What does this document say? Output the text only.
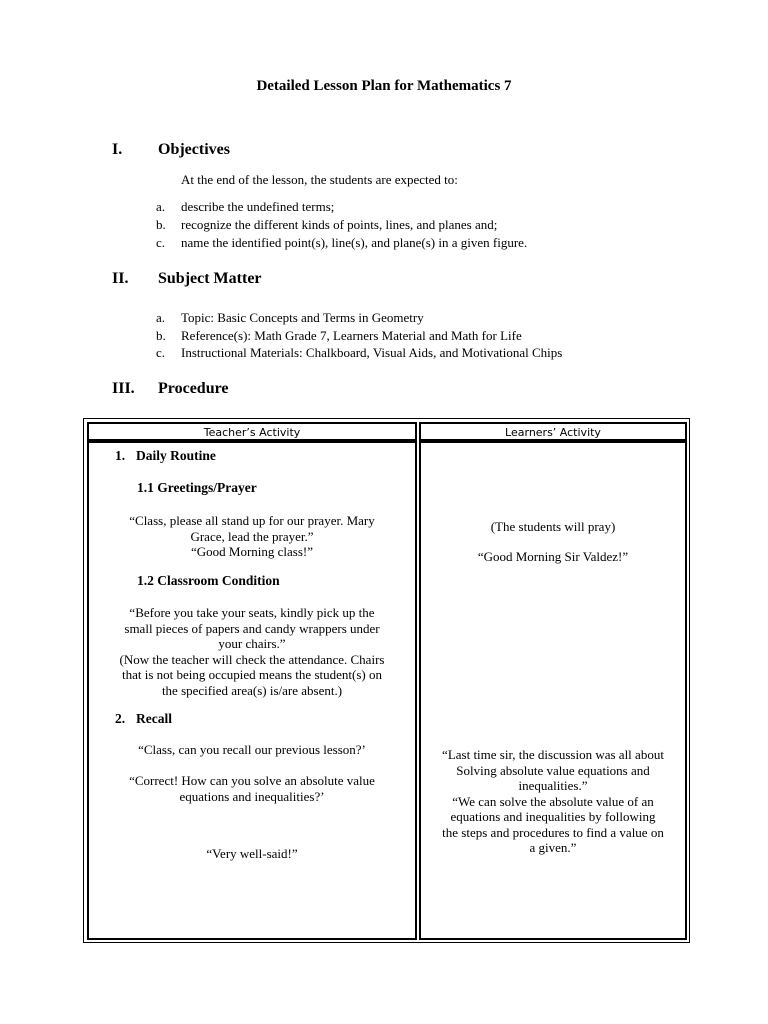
Detailed Lesson Plan for Mathematics 7
I. Objectives
At the end of the lesson, the students are expected to:
a. describe the undefined terms;
b. recognize the different kinds of points, lines, and planes and;
c. name the identified point(s), line(s), and plane(s) in a given figure.
II. Subject Matter
a. Topic: Basic Concepts and Terms in Geometry
b. Reference(s): Math Grade 7, Learners Material and Math for Life
c. Instructional Materials: Chalkboard, Visual Aids, and Motivational Chips
III. Procedure
Teacher’s Activity	Learners’ Activity
1. Daily Routine
1.1 Greetings/Prayer
“Class, please all stand up for our prayer. Mary
Grace, lead the prayer.”
“Good Morning class!”
1.2 Classroom Condition
“Before you take your seats, kindly pick up the
small pieces of papers and candy wrappers under
your chairs.”
(Now the teacher will check the attendance. Chairs
that is not being occupied means the student(s) on
the specified area(s) is/are absent.)
2. Recall
“Class, can you recall our previous lesson?’
“Correct! How can you solve an absolute value
equations and inequalities?’
“Very well-said!”
(The students will pray)
“Good Morning Sir Valdez!”
“Last time sir, the discussion was all about
Solving absolute value equations and
inequalities.”
“We can solve the absolute value of an
equations and inequalities by following
the steps and procedures to find a value on
a given.”
